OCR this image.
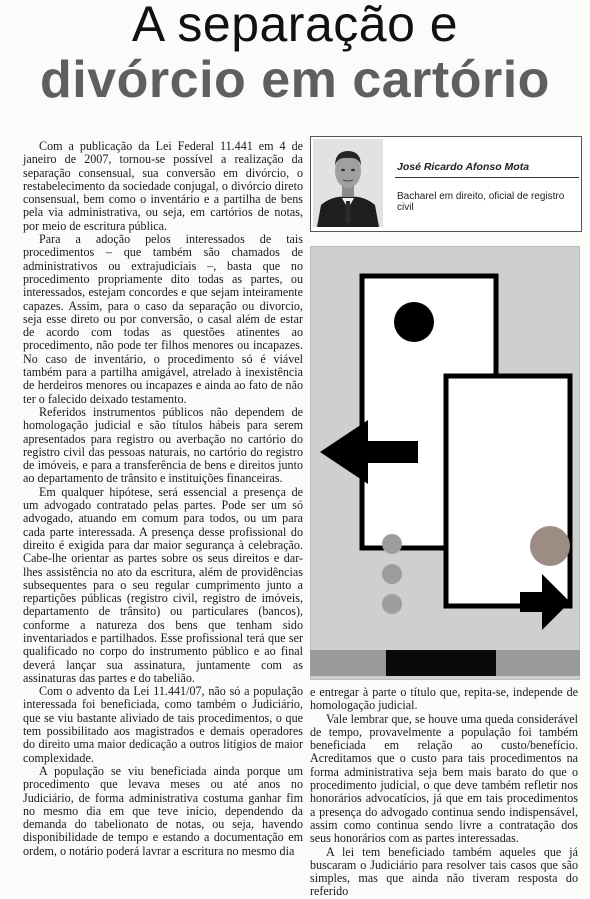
A separação e
divórcio em cartório

Com a publicação da Lei Federal 11.441 em 4 de janeiro de 2007, tornou-se possível a realização da separação consensual, sua conversão em divórcio, o restabelecimento da sociedade conjugal, o divórcio direto consensual, bem como o inventário e a partilha de bens pela via administrativa, ou seja, em cartórios de notas, por meio de escritura pública.

Para a adoção pelos interessados de tais procedimentos – que também são chamados de administrativos ou extrajudiciais –, basta que no procedimento propriamente dito todas as partes, ou interessados, estejam concordes e que sejam inteiramente capazes. Assim, para o caso da separação ou divorcio, seja esse direto ou por conversão, o casal além de estar de acordo com todas as questões atinentes ao procedimento, não pode ter filhos menores ou incapazes. No caso de inventário, o procedimento só é viável também para a partilha amigável, atrelado à inexistência de herdeiros menores ou incapazes e ainda ao fato de não ter o falecido deixado testamento.

Referidos instrumentos públicos não dependem de homologação judicial e são títulos hábeis para serem apresentados para registro ou averbação no cartório do registro civil das pessoas naturais, no cartório do registro de imóveis, e para a transferência de bens e direitos junto ao departamento de trânsito e instituições financeiras.

Em qualquer hipótese, será essencial a presença de um advogado contratado pelas partes. Pode ser um só advogado, atuando em comum para todos, ou um para cada parte interessada. A presença desse profissional do direito é exigida para dar maior segurança à celebração. Cabe-lhe orientar as partes sobre os seus direitos e dar-lhes assistência no ato da escritura, além de providências subsequentes para o seu regular cumprimento junto a repartições públicas (registro civil, registro de imóveis, departamento de trânsito) ou particulares (bancos), conforme a natureza dos bens que tenham sido inventariados e partilhados. Esse profissional terá que ser qualificado no corpo do instrumento público e ao final deverá lançar sua assinatura, juntamente com as assinaturas das partes e do tabelião.

Com o advento da Lei 11.441/07, não só a população interessada foi beneficiada, como também o Judiciário, que se viu bastante aliviado de tais procedimentos, o que tem possibilitado aos magistrados e demais operadores do direito uma maior dedicação a outros litígios de maior complexidade.

A população se viu beneficiada ainda porque um procedimento que levava meses ou até anos no Judiciário, de forma administrativa costuma ganhar fim no mesmo dia em que teve início, dependendo da demanda do tabelionato de notas, ou seja, havendo disponibilidade de tempo e estando a documentação em ordem, o notário poderá lavrar a escritura no mesmo dia

José Ricardo Afonso Mota
Bacharel em direito, oficial de registro civil

e entregar à parte o título que, repita-se, independe de homologação judicial.

Vale lembrar que, se houve uma queda considerável de tempo, provavelmente a população foi também beneficiada em relação ao custo/benefício. Acreditamos que o custo para tais procedimentos na forma administrativa seja bem mais barato do que o procedimento judicial, o que deve também refletir nos honorários advocatícios, já que em tais procedimentos a presença do advogado continua sendo indispensável, assim como continua sendo livre a contratação dos seus honorários com as partes interessadas.

A lei tem beneficiado também aqueles que já buscaram o Judiciário para resolver tais casos que são simples, mas que ainda não tiveram resposta do referido
